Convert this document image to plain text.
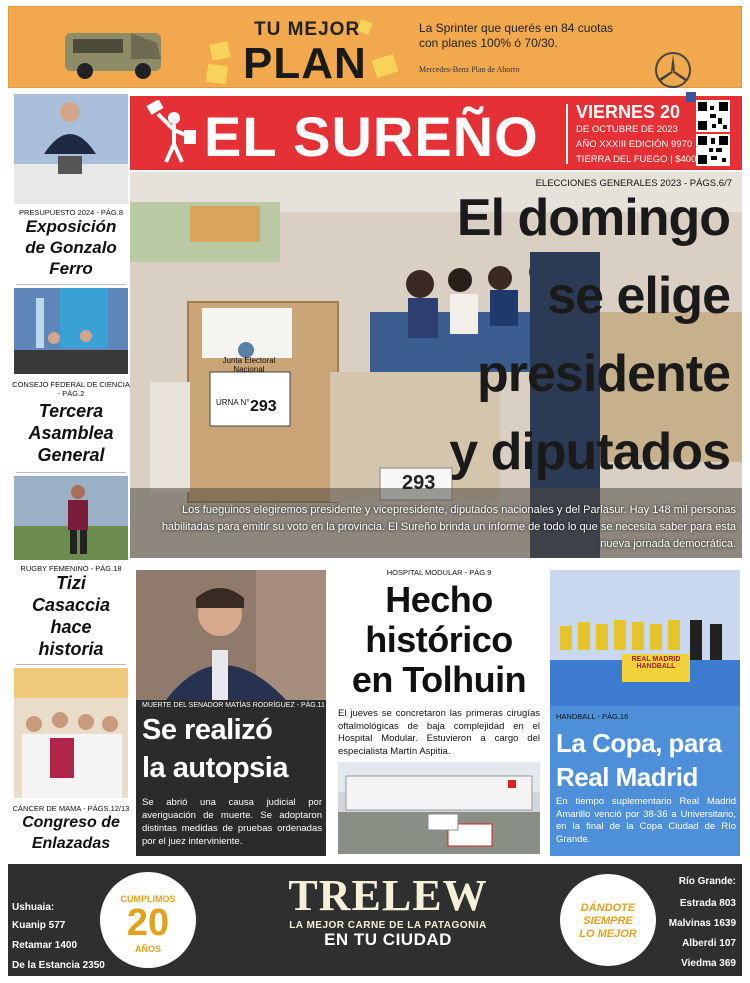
TU MEJOR
PLAN
La Sprinter que querés en 84 cuotas
con planes 100% ó 70/30.
Mercedes-Benz Plan de Ahorro
EL SUREÑO VIERNES 20
DE OCTUBRE DE 2023
AÑO XXXIII EDICIÓN 9970
TIERRA DEL FUEGO | $400
PRESUPUESTO 2024 - PÁG.8
Exposición
de Gonzalo
Ferro
CONSEJO FEDERAL DE CIENCIA - PÁG.2
Tercera
Asamblea
General
RUGBY FEMENINO - PÁG.18
Tizi
Casaccia
hace
historia
CÁNCER DE MAMA - PÁGS.12/13
Congreso de
Enlazadas
Junta Electoral Nacional
URNA N° 293
293
ELECCIONES GENERALES 2023 - PÁGS.6/7
El domingo
se elige
presidente
y diputados
Los fueguinos elegiremos presidente y vicepresidente, diputados nacionales y del Parlasur. Hay 148 mil personas habilitadas para emitir su voto en la provincia. El Sureño brinda un informe de todo lo que se necesita saber para esta nueva jornada democrática.
MUERTE DEL SENADOR MATÍAS RODRÍGUEZ - PÁG.11
Se realizó
la autopsia
Se abrió una causa judicial por averiguación de muerte. Se adoptaron distintas medidas de pruebas ordenadas por el juez interviniente.
HOSPITAL MODULAR - PÁG.9
Hecho
histórico
en Tolhuin
El jueves se concretaron las primeras cirugías oftalmológicas de baja complejidad en el Hospital Modular. Estuvieron a cargo del especialista Martín Aspitia.
REAL MADRID HANDBALL
HANDBALL - PÁG.16
La Copa, para
Real Madrid
En tiempo suplementario Real Madrid Amarillo venció por 38-36 a Universitario, en la final de la Copa Ciudad de Río Grande.
Ushuaia:
Kuanip 577
Retamar 1400
De la Estancia 2350
CUMPLIMOS
20
AÑOS
TRELEW
LA MEJOR CARNE DE LA PATAGONIA
EN TU CIUDAD
DÁNDOTE
SIEMPRE
LO MEJOR
Río Grande:
Estrada 803
Malvinas 1639
Alberdi 107
Viedma 369
